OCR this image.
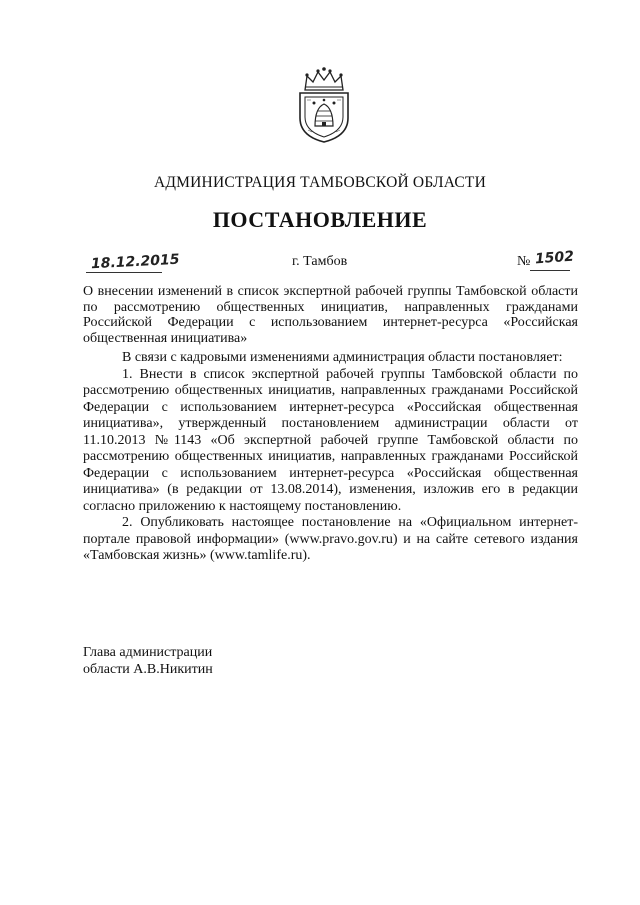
АДМИНИСТРАЦИЯ ТАМБОВСКОЙ ОБЛАСТИ
ПОСТАНОВЛЕНИЕ
18.12.2015	г. Тамбов	№ 1502
О внесении изменений в список экспертной рабочей группы Тамбовской области по рассмотрению общественных инициатив, направленных гражданами Российской Федерации с использованием интернет-ресурса «Российская общественная инициатива»

В связи с кадровыми изменениями администрация области постановляет:

1. Внести в список экспертной рабочей группы Тамбовской области по рассмотрению общественных инициатив, направленных гражданами Российской Федерации с использованием интернет-ресурса «Российская общественная инициатива», утвержденный постановлением администрации области от 11.10.2013 №1143 «Об экспертной рабочей группе Тамбовской области по рассмотрению общественных инициатив, направленных гражданами Российской Федерации с использованием интернет-ресурса «Российская общественная инициатива» (в редакции от 13.08.2014), изменения, изложив его в редакции согласно приложению к настоящему постановлению.

2. Опубликовать настоящее постановление на «Официальном интернет-портале правовой информации» (www.pravo.gov.ru) и на сайте сетевого издания «Тамбовская жизнь» (www.tamlife.ru).

Глава администрации
области А.В.Никитин
